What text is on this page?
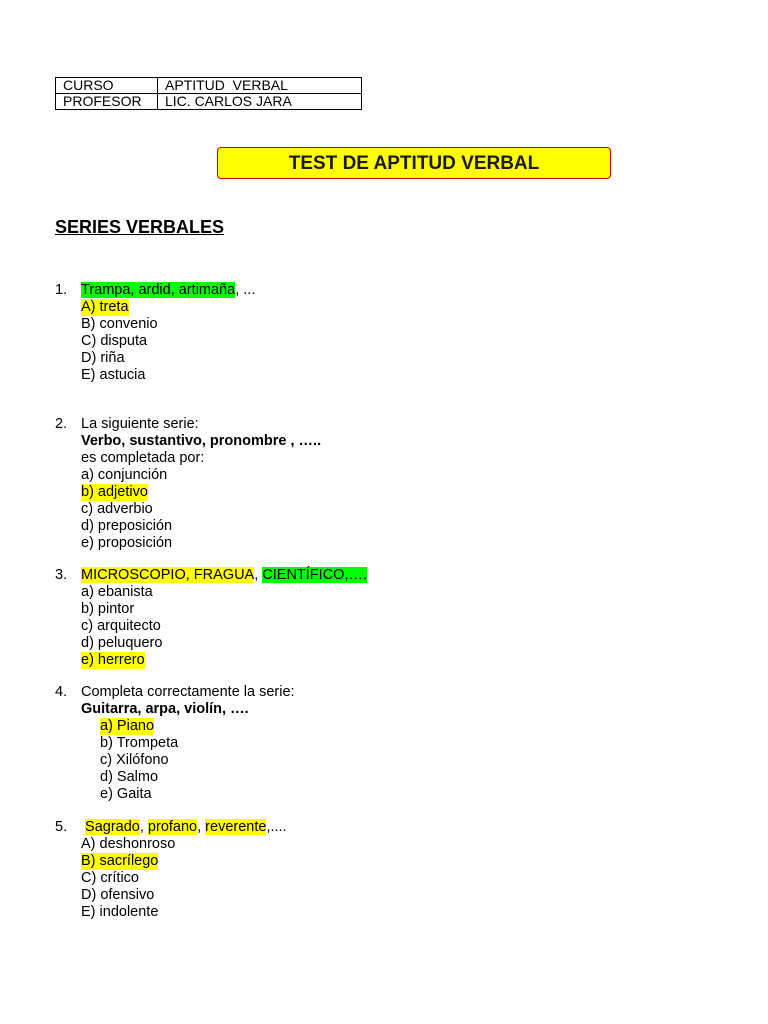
CURSO	APTITUD  VERBAL
PROFESOR	LIC. CARLOS JARA
TEST DE APTITUD VERBAL
SERIES VERBALES
1. Trampa, ardid, artimaña, ...
A) treta
B) convenio
C) disputa
D) riña
E) astucia
2. La siguiente serie:
Verbo, sustantivo, pronombre , …..
es completada por:
a) conjunción
b) adjetivo
c) adverbio
d) preposición
e) proposición
3. MICROSCOPIO, FRAGUA, CIENTÍFICO,….
a) ebanista
b) pintor
c) arquitecto
d) peluquero
e) herrero
4. Completa correctamente la serie:
Guitarra, arpa, violín, ….
a) Piano
b) Trompeta
c) Xilófono
d) Salmo
e) Gaita
5.	Sagrado, profano, reverente,....
A) deshonroso
B) sacrílego
C) crítico
D) ofensivo
E) indolente
